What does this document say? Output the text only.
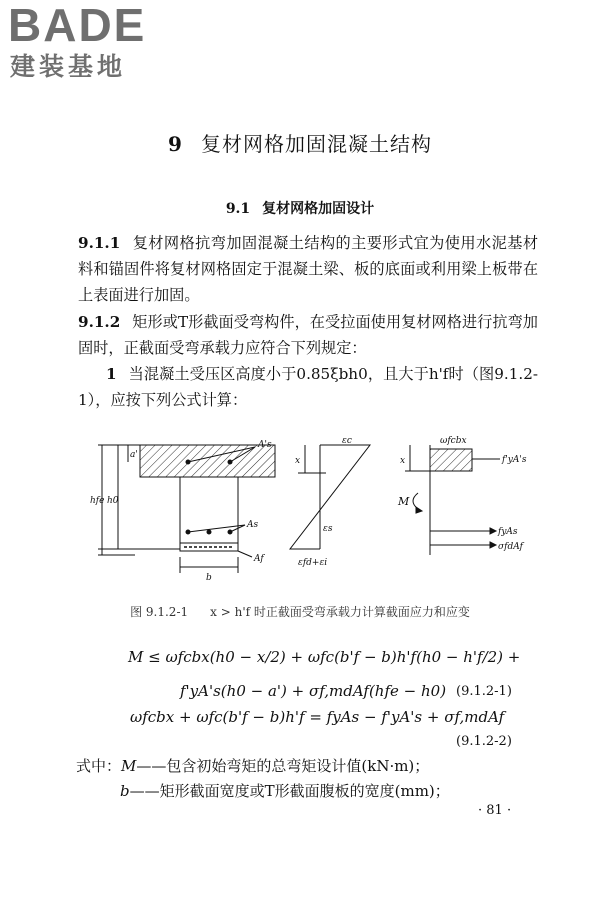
BADE
建装基地
9 复材网格加固混凝土结构
9.1 复材网格加固设计
9.1.1 复材网格抗弯加固混凝土结构的主要形式宜为使用水泥基材料和锚固件将复材网格固定于混凝土梁、板的底面或利用梁上板带在上表面进行加固。
9.1.2 矩形或T形截面受弯构件，在受拉面使用复材网格进行抗弯加固时，正截面受弯承载力应符合下列规定：
1 当混凝土受压区高度小于0.85ξbh0，且大于h'f时（图9.1.2-1），应按下列公式计算：
A's
As
Af
a'
hfe h0
b
εc
x
εs
εfd+εi
M
ωfcbx
x	f'yA's
fyAs
σfdAf
图 9.1.2-1 x > h'f 时正截面受弯承载力计算截面应力和应变
M ≤ ωfcbx(h0 − x/2) + ωfc(b'f − b)h'f(h0 − h'f/2) +
f'yA's(h0 − a') + σf,mdAf(hfe − h0) (9.1.2-1)
ωfcbx + ωfc(b'f − b)h'f = fyAs − f'yA's + σf,mdAf
(9.1.2-2)
式中：M——包含初始弯矩的总弯矩设计值(kN·m)；
b——矩形截面宽度或T形截面腹板的宽度(mm)；
· 81 ·
